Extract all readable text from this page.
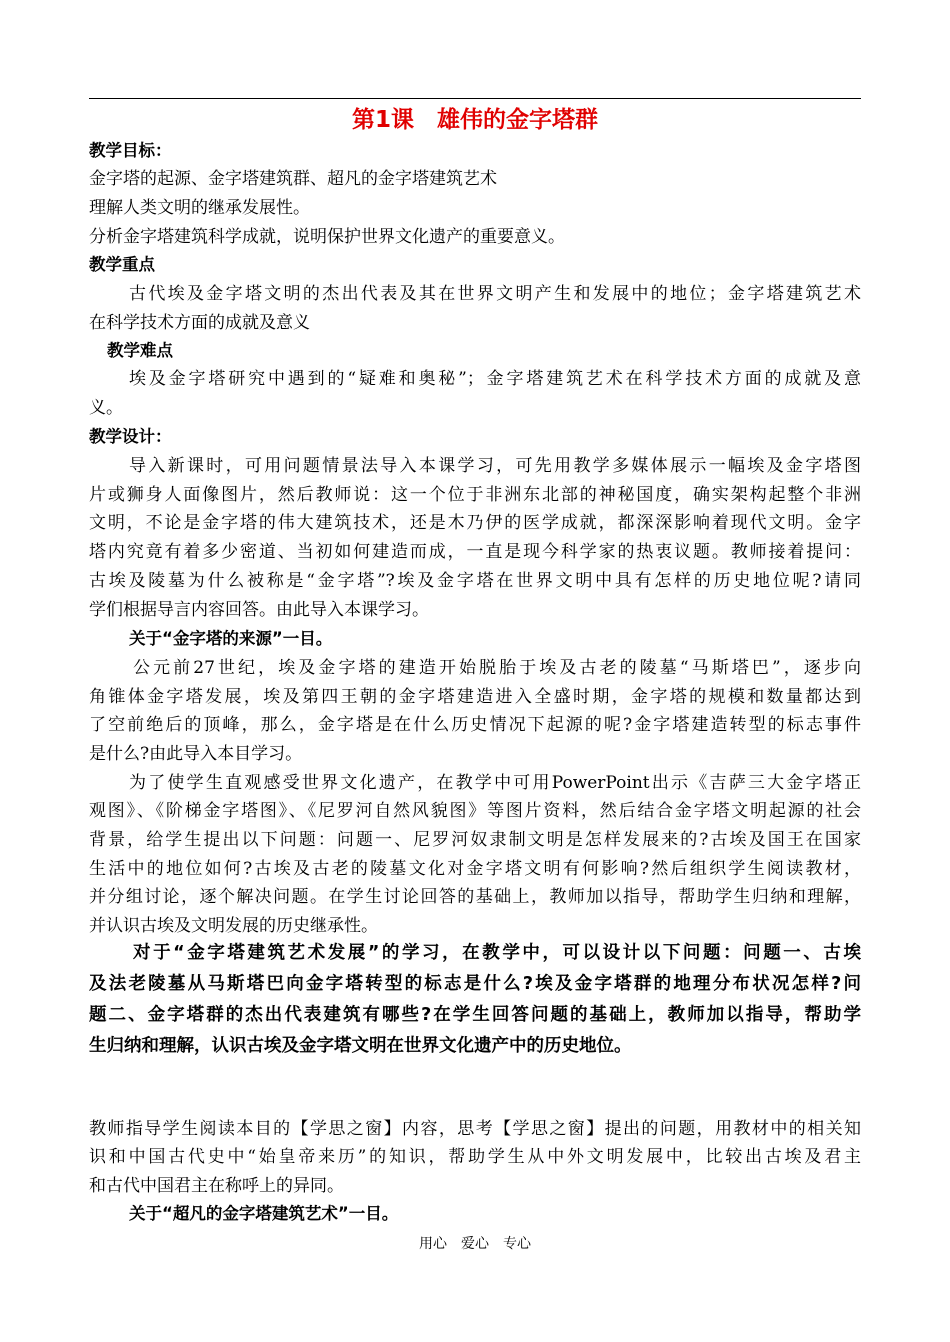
第1课　雄伟的金字塔群
教学目标：
金字塔的起源、金字塔建筑群、超凡的金字塔建筑艺术
理解人类文明的继承发展性。
分析金字塔建筑科学成就，说明保护世界文化遗产的重要意义。
教学重点
古代埃及金字塔文明的杰出代表及其在世界文明产生和发展中的地位；金字塔建筑艺术
在科学技术方面的成就及意义
教学难点
埃及金字塔研究中遇到的“疑难和奥秘”；金字塔建筑艺术在科学技术方面的成就及意
义。
教学设计：
导入新课时，可用问题情景法导入本课学习，可先用教学多媒体展示一幅埃及金字塔图
片或狮身人面像图片，然后教师说：这一个位于非洲东北部的神秘国度，确实架构起整个非洲
文明，不论是金字塔的伟大建筑技术，还是木乃伊的医学成就，都深深影响着现代文明。金字
塔内究竟有着多少密道、当初如何建造而成，一直是现今科学家的热衷议题。教师接着提问：
古埃及陵墓为什么被称是“金字塔”?埃及金字塔在世界文明中具有怎样的历史地位呢?请同
学们根据导言内容回答。由此导入本课学习。
关于“金字塔的来源”一目。
公元前27世纪，埃及金字塔的建造开始脱胎于埃及古老的陵墓“马斯塔巴”，逐步向
角锥体金字塔发展，埃及第四王朝的金字塔建造进入全盛时期，金字塔的规模和数量都达到
了空前绝后的顶峰，那么，金字塔是在什么历史情况下起源的呢?金字塔建造转型的标志事件
是什么?由此导入本目学习。
为了使学生直观感受世界文化遗产，在教学中可用PowerPoint出示《吉萨三大金字塔正
观图》、《阶梯金字塔图》、《尼罗河自然风貌图》等图片资料，然后结合金字塔文明起源的社会
背景，给学生提出以下问题：问题一、尼罗河奴隶制文明是怎样发展来的?古埃及国王在国家
生活中的地位如何?古埃及古老的陵墓文化对金字塔文明有何影响?然后组织学生阅读教材，
并分组讨论，逐个解决问题。在学生讨论回答的基础上，教师加以指导，帮助学生归纳和理解，
并认识古埃及文明发展的历史继承性。
对于“金字塔建筑艺术发展”的学习，在教学中，可以设计以下问题：问题一、古埃
及法老陵墓从马斯塔巴向金字塔转型的标志是什么?埃及金字塔群的地理分布状况怎样?问
题二、金字塔群的杰出代表建筑有哪些?在学生回答问题的基础上，教师加以指导，帮助学
生归纳和理解，认识古埃及金字塔文明在世界文化遗产中的历史地位。
教师指导学生阅读本目的【学思之窗】内容，思考【学思之窗】提出的问题，用教材中的相关知
识和中国古代史中“始皇帝来历”的知识，帮助学生从中外文明发展中，比较出古埃及君主
和古代中国君主在称呼上的异同。
关于“超凡的金字塔建筑艺术”一目。
用心　爱心　专心
